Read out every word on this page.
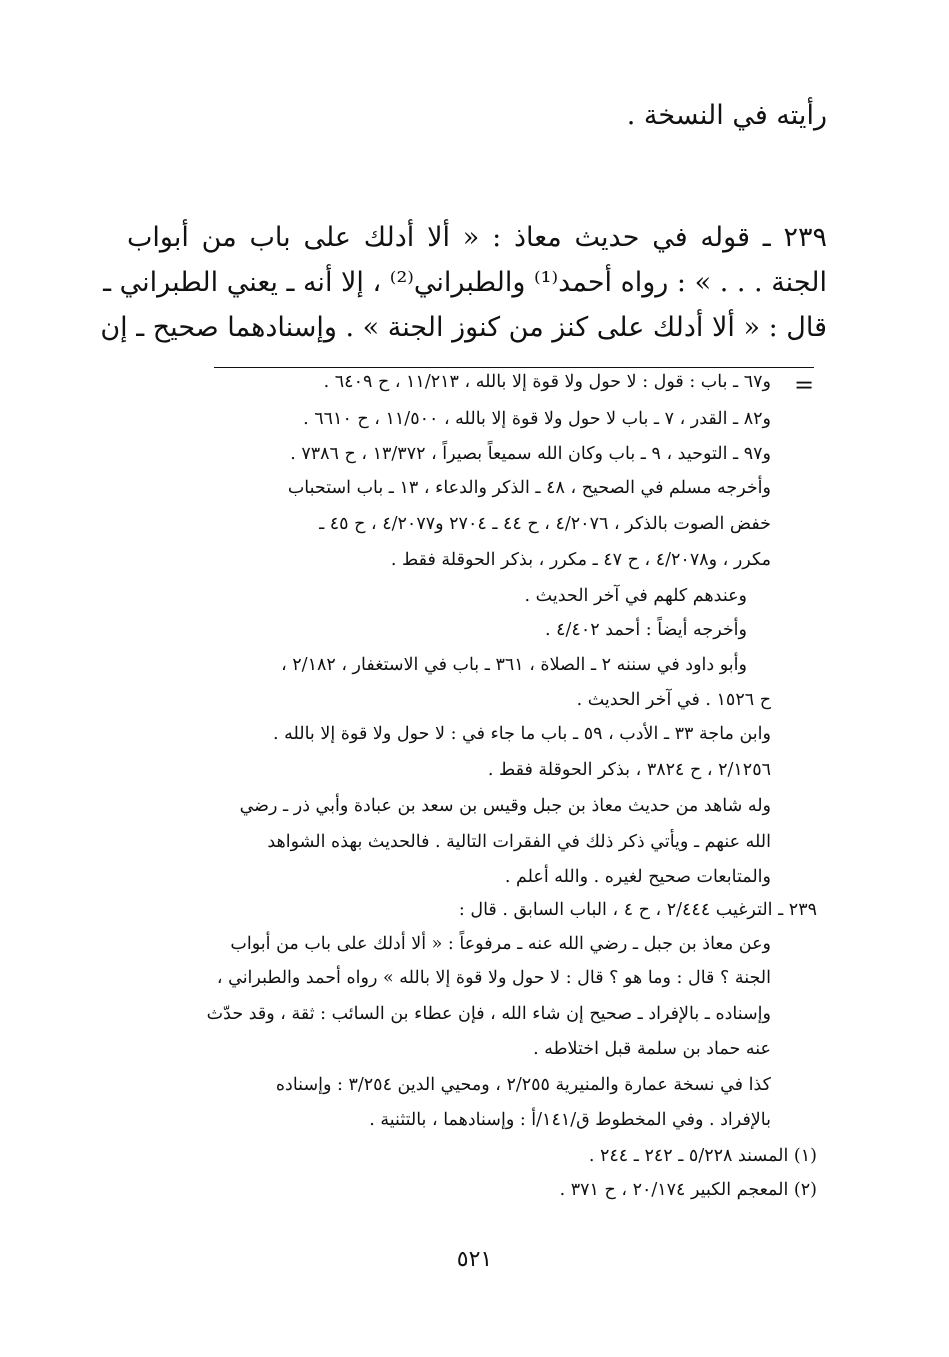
رأيته في النسخة .
٢٣٩ ـ قوله في حديث معاذ : « ألا أدلك على باب من أبواب
الجنة . . . » : رواه أحمد⁽¹⁾ والطبراني⁽²⁾ ، إلا أنه ـ يعني الطبراني ـ
قال : « ألا أدلك على كنز من كنوز الجنة » . وإسنادهما صحيح ـ إن
=
و٦٧ ـ باب : قول : لا حول ولا قوة إلا بالله ، ١١/٢١٣ ، ح ٦٤٠٩ .
و٨٢ ـ القدر ، ٧ ـ باب لا حول ولا قوة إلا بالله ، ١١/٥٠٠ ، ح ٦٦١٠ .
و٩٧ ـ التوحيد ، ٩ ـ باب وكان الله سميعاً بصيراً ، ١٣/٣٧٢ ، ح ٧٣٨٦ .
وأخرجه مسلم في الصحيح ، ٤٨ ـ الذكر والدعاء ، ١٣ ـ باب استحباب
خفض الصوت بالذكر ، ٤/٢٠٧٦ ، ح ٤٤ ـ ٢٧٠٤ و٤/٢٠٧٧ ، ح ٤٥ ـ
مكرر ، و٤/٢٠٧٨ ، ح ٤٧ ـ مكرر ، بذكر الحوقلة فقط .
وعندهم كلهم في آخر الحديث .
وأخرجه أيضاً : أحمد ٤/٤٠٢ .
وأبو داود في سننه ٢ ـ الصلاة ، ٣٦١ ـ باب في الاستغفار ، ٢/١٨٢ ،
ح ١٥٢٦ . في آخر الحديث .
وابن ماجة ٣٣ ـ الأدب ، ٥٩ ـ باب ما جاء في : لا حول ولا قوة إلا بالله .
٢/١٢٥٦ ، ح ٣٨٢٤ ، بذكر الحوقلة فقط .
وله شاهد من حديث معاذ بن جبل وقيس بن سعد بن عبادة وأبي ذر ـ رضي
الله عنهم ـ ويأتي ذكر ذلك في الفقرات التالية . فالحديث بهذه الشواهد
والمتابعات صحيح لغيره . والله أعلم .
٢٣٩ ـ الترغيب ٢/٤٤٤ ، ح ٤ ، الباب السابق . قال :
وعن معاذ بن جبل ـ رضي الله عنه ـ مرفوعاً : « ألا أدلك على باب من أبواب
الجنة ؟ قال : وما هو ؟ قال : لا حول ولا قوة إلا بالله » رواه أحمد والطبراني ،
وإسناده ـ بالإفراد ـ صحيح إن شاء الله ، فإن عطاء بن السائب : ثقة ، وقد حدّث
عنه حماد بن سلمة قبل اختلاطه .
كذا في نسخة عمارة والمنيرية ٢/٢٥٥ ، ومحيي الدين ٣/٢٥٤ : وإسناده
بالإفراد . وفي المخطوط ق/١٤١/أ : وإسنادهما ، بالتثنية .
(١) المسند ٥/٢٢٨ ـ ٢٤٢ ـ ٢٤٤ .
(٢) المعجم الكبير ٢٠/١٧٤ ، ح ٣٧١ .
٥٢١
